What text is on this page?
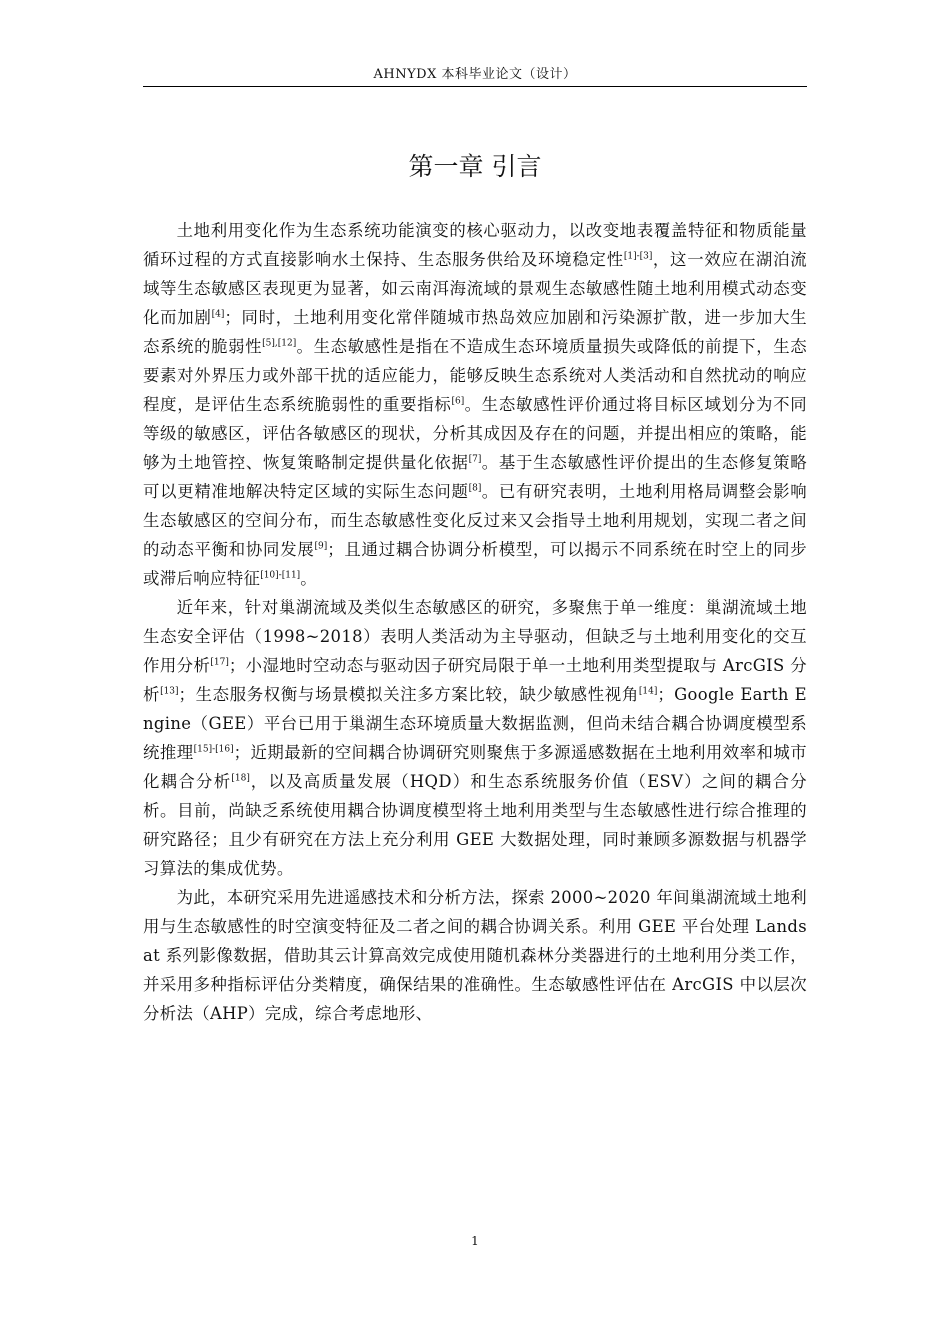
AHNYDX 本科毕业论文（设计）
第一章 引言

土地利用变化作为生态系统功能演变的核心驱动力，以改变地表覆盖特征和物质能量循环过程的方式直接影响水土保持、生态服务供给及环境稳定性[1]-[3]，这一效应在湖泊流域等生态敏感区表现更为显著，如云南洱海流域的景观生态敏感性随土地利用模式动态变化而加剧[4]；同时，土地利用变化常伴随城市热岛效应加剧和污染源扩散，进一步加大生态系统的脆弱性[5],[12]。生态敏感性是指在不造成生态环境质量损失或降低的前提下，生态要素对外界压力或外部干扰的适应能力，能够反映生态系统对人类活动和自然扰动的响应程度，是评估生态系统脆弱性的重要指标[6]。生态敏感性评价通过将目标区域划分为不同等级的敏感区，评估各敏感区的现状，分析其成因及存在的问题，并提出相应的策略，能够为土地管控、恢复策略制定提供量化依据[7]。基于生态敏感性评价提出的生态修复策略可以更精准地解决特定区域的实际生态问题[8]。已有研究表明，土地利用格局调整会影响生态敏感区的空间分布，而生态敏感性变化反过来又会指导土地利用规划，实现二者之间的动态平衡和协同发展[9]；且通过耦合协调分析模型，可以揭示不同系统在时空上的同步或滞后响应特征[10]-[11]。

近年来，针对巢湖流域及类似生态敏感区的研究，多聚焦于单一维度：巢湖流域土地生态安全评估（1998~2018）表明人类活动为主导驱动，但缺乏与土地利用变化的交互作用分析[17]；小湿地时空动态与驱动因子研究局限于单一土地利用类型提取与 ArcGIS 分析[13]；生态服务权衡与场景模拟关注多方案比较，缺少敏感性视角[14]；Google Earth Engine（GEE）平台已用于巢湖生态环境质量大数据监测，但尚未结合耦合协调度模型系统推理[15]-[16]；近期最新的空间耦合协调研究则聚焦于多源遥感数据在土地利用效率和城市化耦合分析[18]，以及高质量发展（HQD）和生态系统服务价值（ESV）之间的耦合分析。目前，尚缺乏系统使用耦合协调度模型将土地利用类型与生态敏感性进行综合推理的研究路径；且少有研究在方法上充分利用 GEE 大数据处理，同时兼顾多源数据与机器学习算法的集成优势。

为此，本研究采用先进遥感技术和分析方法，探索 2000~2020 年间巢湖流域土地利用与生态敏感性的时空演变特征及二者之间的耦合协调关系。利用 GEE 平台处理 Landsat 系列影像数据，借助其云计算高效完成使用随机森林分类器进行的土地利用分类工作，并采用多种指标评估分类精度，确保结果的准确性。生态敏感性评估在 ArcGIS 中以层次分析法（AHP）完成，综合考虑地形、

1
